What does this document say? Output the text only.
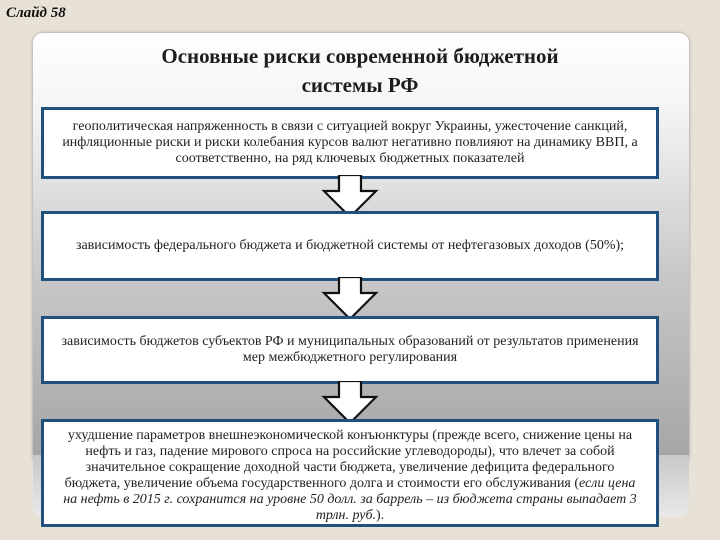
Слайд 58
Основные риски современной бюджетной
системы РФ
геополитическая напряженность в связи с ситуацией вокруг Украины, ужесточение санкций, инфляционные риски и риски колебания курсов валют негативно повлияют на динамику ВВП, а соответственно, на ряд ключевых бюджетных показателей
зависимость федерального бюджета и бюджетной системы от нефтегазовых доходов (50%);
зависимость бюджетов субъектов РФ и муниципальных образований от результатов применения мер межбюджетного регулирования
ухудшение параметров внешнеэкономической конъюнктуры (прежде всего, снижение цены на нефть и газ, падение мирового спроса на российские углеводороды), что влечет за собой значительное сокращение доходной части бюджета, увеличение дефицита федерального бюджета, увеличение объема государственного долга и стоимости его обслуживания (если цена на нефть в 2015 г. сохранится на уровне 50 долл. за баррель – из бюджета страны выпадает 3 трлн. руб.).
